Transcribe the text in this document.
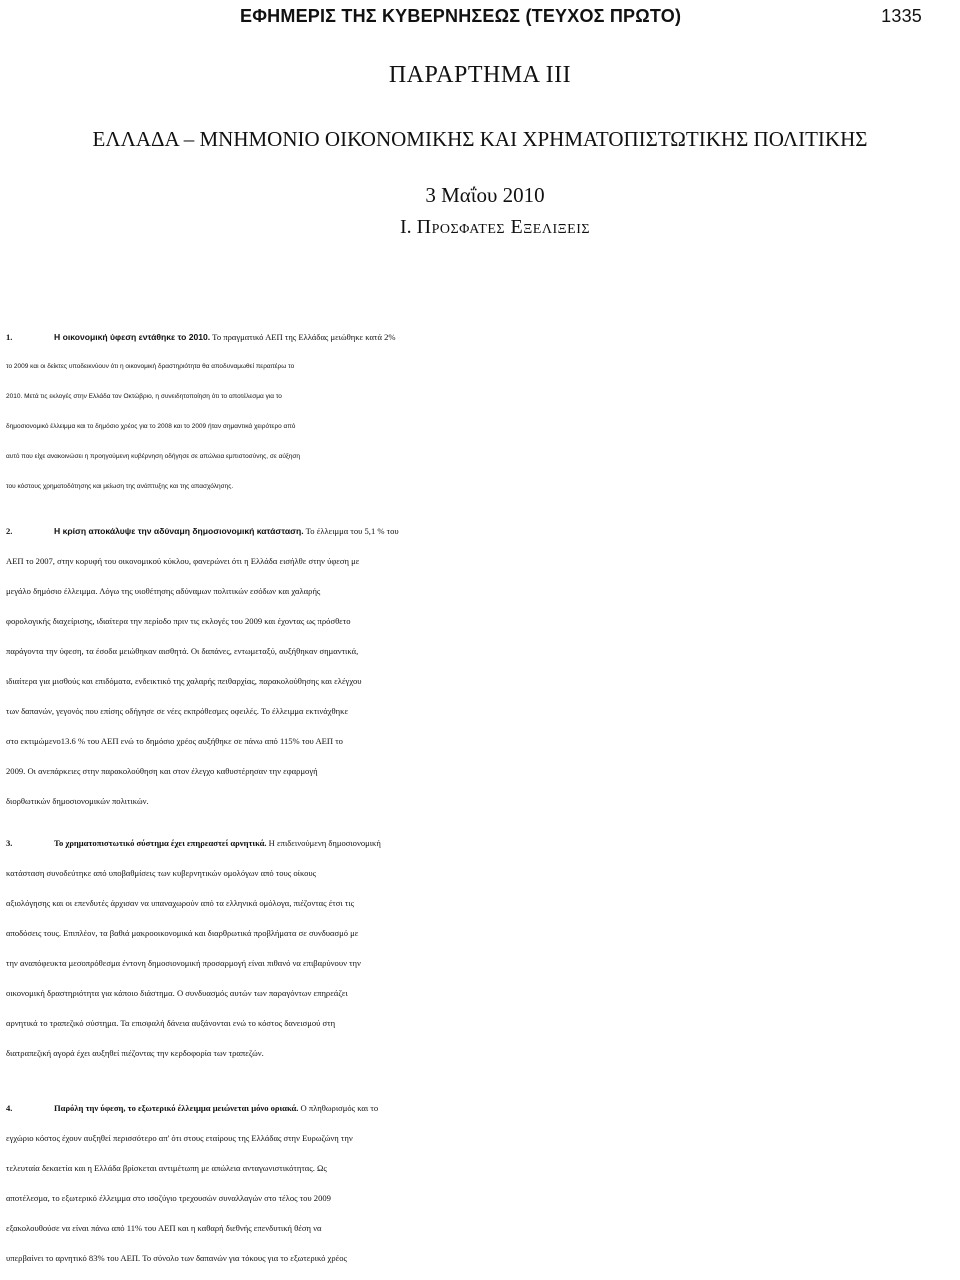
ΕΦΗΜΕΡΙΣ ΤΗΣ ΚΥΒΕΡΝΗΣΕΩΣ (ΤΕΥΧΟΣ ΠΡΩΤΟ)	1335
ΠΑΡΑΡΤΗΜΑ ΙΙΙ
ΕΛΛΑΔΑ – ΜΝΗΜΟΝΙΟ ΟΙΚΟΝΟΜΙΚΗΣ ΚΑΙ ΧΡΗΜΑΤΟΠΙΣΤΩΤΙΚΗΣ ΠΟΛΙΤΙΚΗΣ
3 Μαΐου 2010
I. Προσφατες Εξελιξεις
1.	Η οικονομική ύφεση εντάθηκε το 2010. Το πραγματικό ΑΕΠ της Ελλάδας μειώθηκε κατά 2%
το 2009 και οι δείκτες υποδεικνύουν ότι η οικονομική δραστηριότητα θα αποδυναμωθεί περαιτέρω το
2010. Μετά τις εκλογές στην Ελλάδα τον Οκτώβριο, η συνειδητοποίηση ότι το αποτέλεσμα για το
δημοσιονομικό έλλειμμα και το δημόσιο χρέος για το 2008 και το 2009 ήταν σημαντικά χειρότερο από
αυτό που είχε ανακοινώσει η προηγούμενη κυβέρνηση οδήγησε σε απώλεια εμπιστοσύνης, σε αύξηση
του κόστους χρηματοδότησης και μείωση της ανάπτυξης και της απασχόλησης.
2.	Η κρίση αποκάλυψε την αδύναμη δημοσιονομική κατάσταση. Το έλλειμμα του 5,1 % του
ΑΕΠ το 2007, στην κορυφή του οικονομικού κύκλου, φανερώνει ότι η Ελλάδα εισήλθε στην ύφεση με
μεγάλο δημόσιο έλλειμμα. Λόγω της υιοθέτησης αδύναμων πολιτικών εσόδων και χαλαρής
φορολογικής διαχείρισης, ιδιαίτερα την περίοδο πριν τις εκλογές του 2009 και έχοντας ως πρόσθετο
παράγοντα την ύφεση, τα έσοδα μειώθηκαν αισθητά. Οι δαπάνες, εντωμεταξύ, αυξήθηκαν σημαντικά,
ιδιαίτερα για μισθούς και επιδόματα, ενδεικτικό της χαλαρής πειθαρχίας, παρακολούθησης και ελέγχου
των δαπανών, γεγονός που επίσης οδήγησε σε νέες εκπρόθεσμες οφειλές. Το έλλειμμα εκτινάχθηκε
στο εκτιμώμενο13.6 % του ΑΕΠ ενώ το δημόσιο χρέος αυξήθηκε σε πάνω από 115% του ΑΕΠ το
2009. Οι ανεπάρκειες στην παρακολούθηση και στον έλεγχο καθυστέρησαν την εφαρμογή
διορθωτικών δημοσιονομικών πολιτικών.
3.	Το χρηματοπιστωτικό σύστημα έχει επηρεαστεί αρνητικά. Η επιδεινούμενη δημοσιονομική
κατάσταση συνοδεύτηκε από υποβαθμίσεις των κυβερνητικών ομολόγων από τους οίκους
αξιολόγησης και οι επενδυτές άρχισαν να υπαναχωρούν από τα ελληνικά ομόλογα, πιέζοντας έτσι τις
αποδόσεις τους. Επιπλέον, τα βαθιά μακροοικονομικά και διαρθρωτικά προβλήματα σε συνδυασμό με
την αναπόφευκτα μεσοπρόθεσμα έντονη δημοσιονομική προσαρμογή είναι πιθανό να επιβαρύνουν την
οικονομική δραστηριότητα για κάποιο διάστημα. Ο συνδυασμός αυτών των παραγόντων επηρεάζει
αρνητικά το τραπεζικό σύστημα. Τα επισφαλή δάνεια αυξάνονται ενώ το κόστος δανεισμού στη
διατραπεζική αγορά έχει αυξηθεί πιέζοντας την κερδοφορία των τραπεζών.
4.	Παρόλη την ύφεση, το εξωτερικό έλλειμμα μειώνεται μόνο οριακά. Ο πληθωρισμός και το
εγχώριο κόστος έχουν αυξηθεί περισσότερο απ' ότι στους εταίρους της Ελλάδας στην Ευρωζώνη την
τελευταία δεκαετία και η Ελλάδα βρίσκεται αντιμέτωπη με απώλεια ανταγωνιστικότητας. Ως
αποτέλεσμα, το εξωτερικό έλλειμμα στο ισοζύγιο τρεχουσών συναλλαγών στο τέλος του 2009
εξακολουθούσε να είναι πάνω από 11% του ΑΕΠ και η καθαρή διεθνής επενδυτική θέση να
υπερβαίνει το αρνητικό 83% του ΑΕΠ. Το σύνολο των δαπανών για τόκους για το εξωτερικό χρέος
